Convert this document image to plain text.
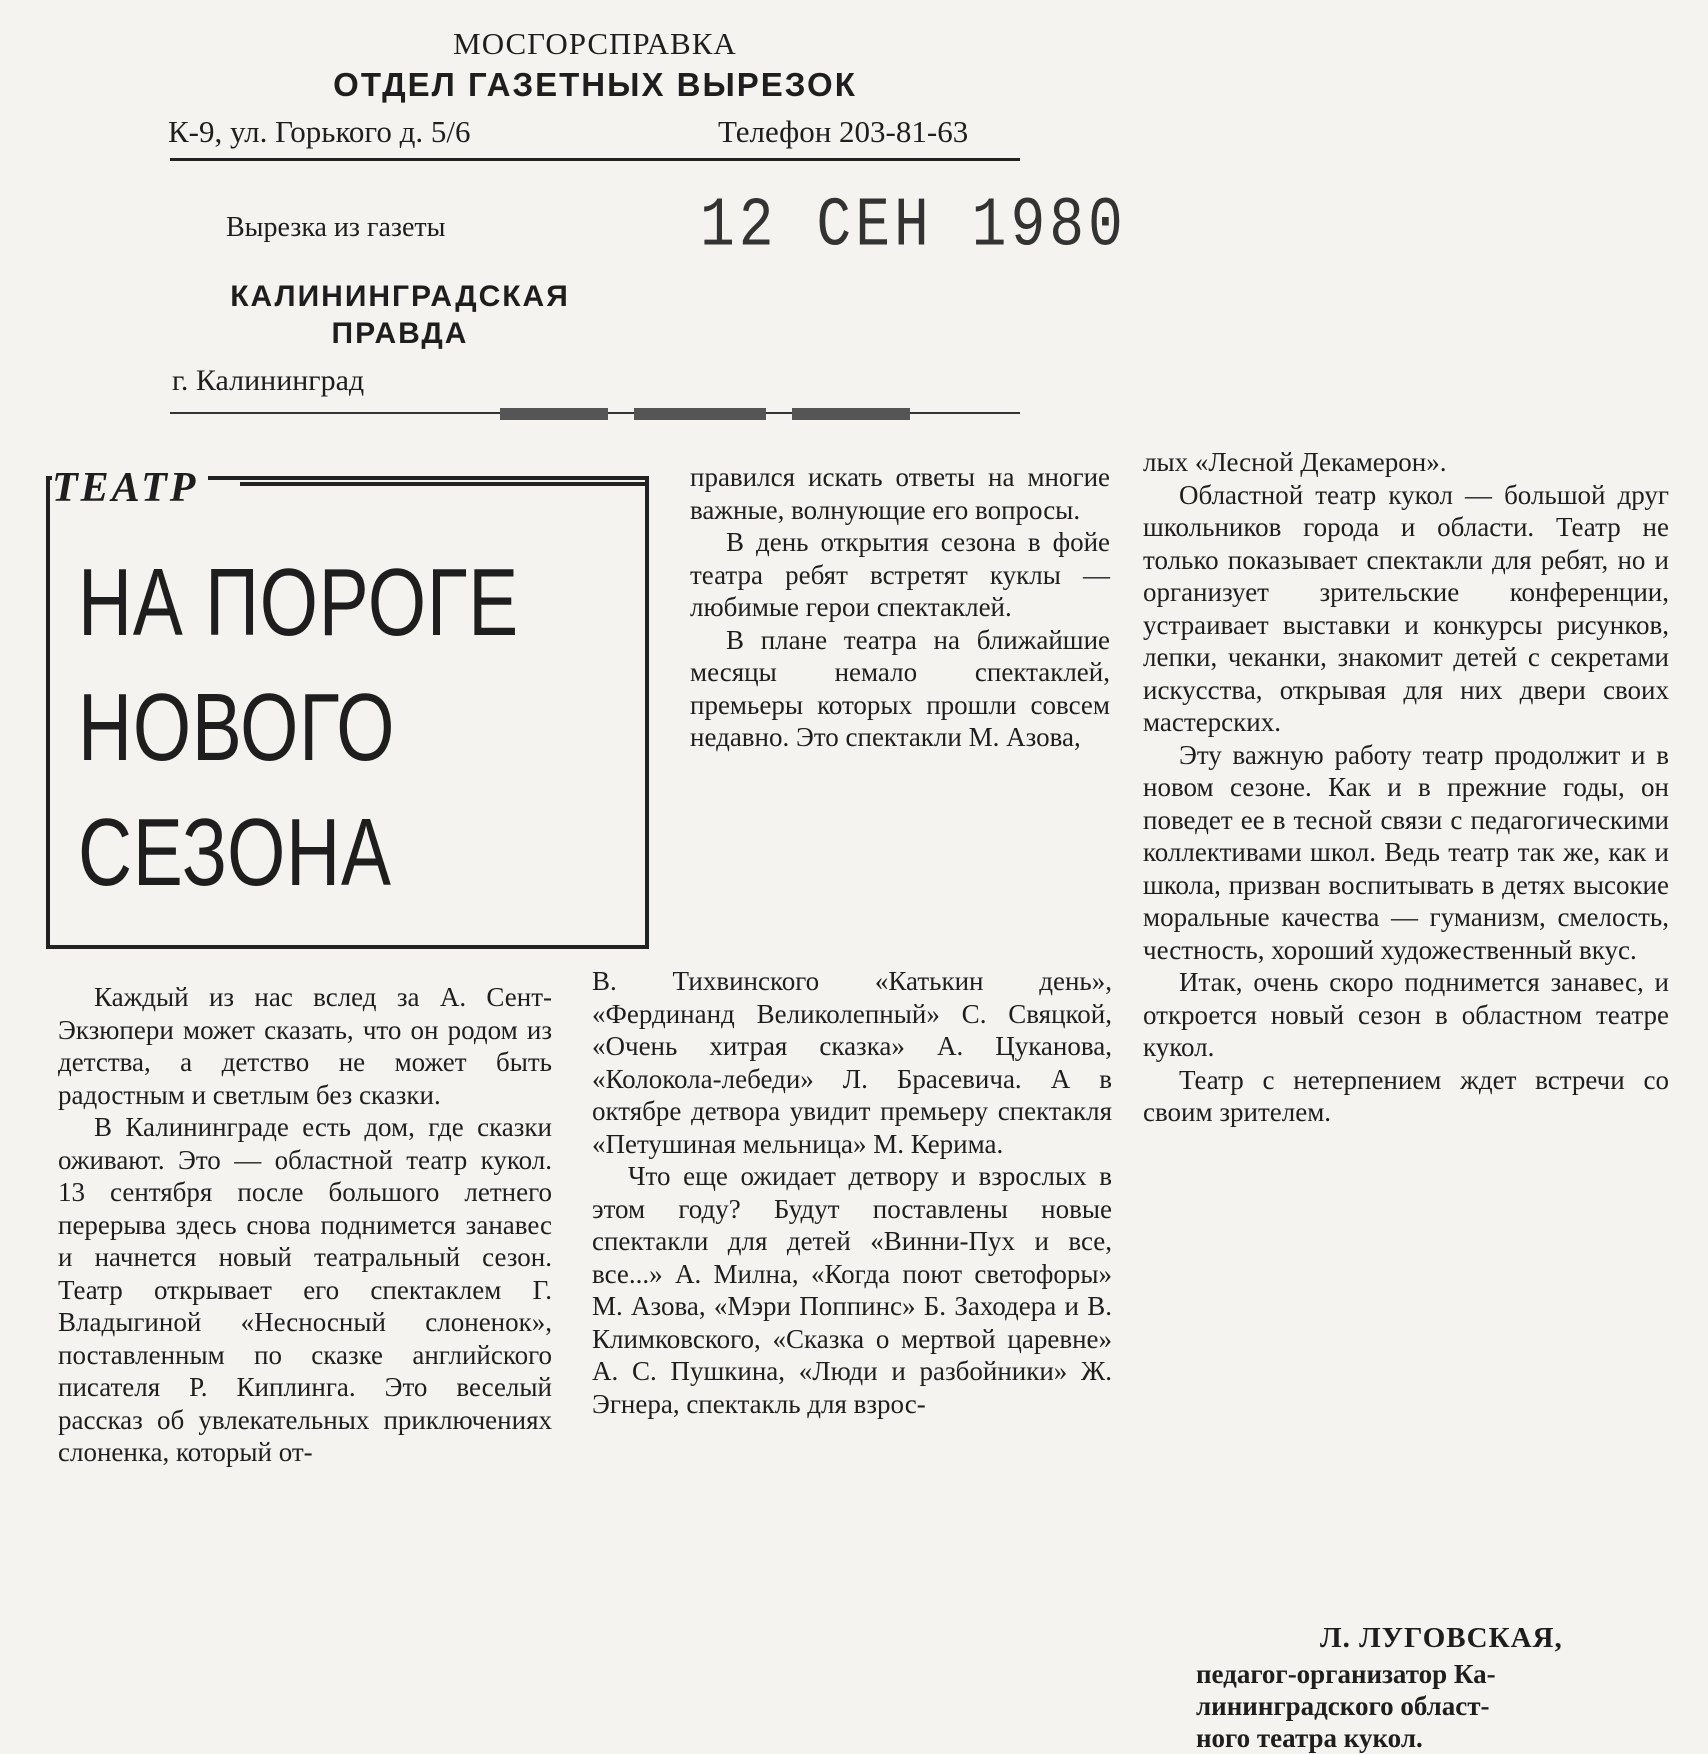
МОСГОРСПРАВКА
ОТДЕЛ ГАЗЕТНЫХ ВЫРЕЗОК
К-9, ул. Горького д. 5/6	Телефон 203-81-63
Вырезка из газеты	12 СЕН 1980
КАЛИНИНГРАДСКАЯ
ПРАВДА
г. Калининград
ТЕАТР
НА ПОРОГЕ
НОВОГО
СЕЗОНА

Каждый из нас вслед за А. Сент-Экзюпери может сказать, что он родом из детства, а детство не может быть радостным и светлым без сказки.

В Калининграде есть дом, где сказки оживают. Это — областной театр кукол. 13 сентября после большого летнего перерыва здесь снова поднимется занавес и начнется новый театральный сезон. Театр открывает его спектаклем Г. Владыгиной «Несносный слоненок», поставленным по сказке английского писателя Р. Киплинга. Это веселый рассказ об увлекательных приключениях слоненка, который от-

правился искать ответы на многие важные, волнующие его вопросы.

В день открытия сезона в фойе театра ребят встретят куклы — любимые герои спектаклей.

В плане театра на ближайшие месяцы немало спектаклей, премьеры которых прошли совсем недавно. Это спектакли М. Азова,

В. Тихвинского «Катькин день», «Фердинанд Великолепный» С. Свяцкой, «Очень хитрая сказка» А. Цуканова, «Колокола-лебеди» Л. Брасевича. А в октябре детвора увидит премьеру спектакля «Петушиная мельница» М. Керима.

Что еще ожидает детвору и взрослых в этом году? Будут поставлены новые спектакли для детей «Винни-Пух и все, все...» А. Милна, «Когда поют светофоры» М. Азова, «Мэри Поппинс» Б. Заходера и В. Климковского, «Сказка о мертвой царевне» А. С. Пушкина, «Люди и разбойники» Ж. Эгнера, спектакль для взрос-

лых «Лесной Декамерон».

Областной театр кукол — большой друг школьников города и области. Театр не только показывает спектакли для ребят, но и организует зрительские конференции, устраивает выставки и конкурсы рисунков, лепки, чеканки, знакомит детей с секретами искусства, открывая для них двери своих мастерских.

Эту важную работу театр продолжит и в новом сезоне. Как и в прежние годы, он поведет ее в тесной связи с педагогическими коллективами школ. Ведь театр так же, как и школа, призван воспитывать в детях высокие моральные качества — гуманизм, смелость, честность, хороший художественный вкус.

Итак, очень скоро поднимется занавес, и откроется новый сезон в областном театре кукол.

Театр с нетерпением ждет встречи со своим зрителем.

Л. ЛУГОВСКАЯ,
педагог-организатор Ка-
лининградского област-
ного театра кукол.
